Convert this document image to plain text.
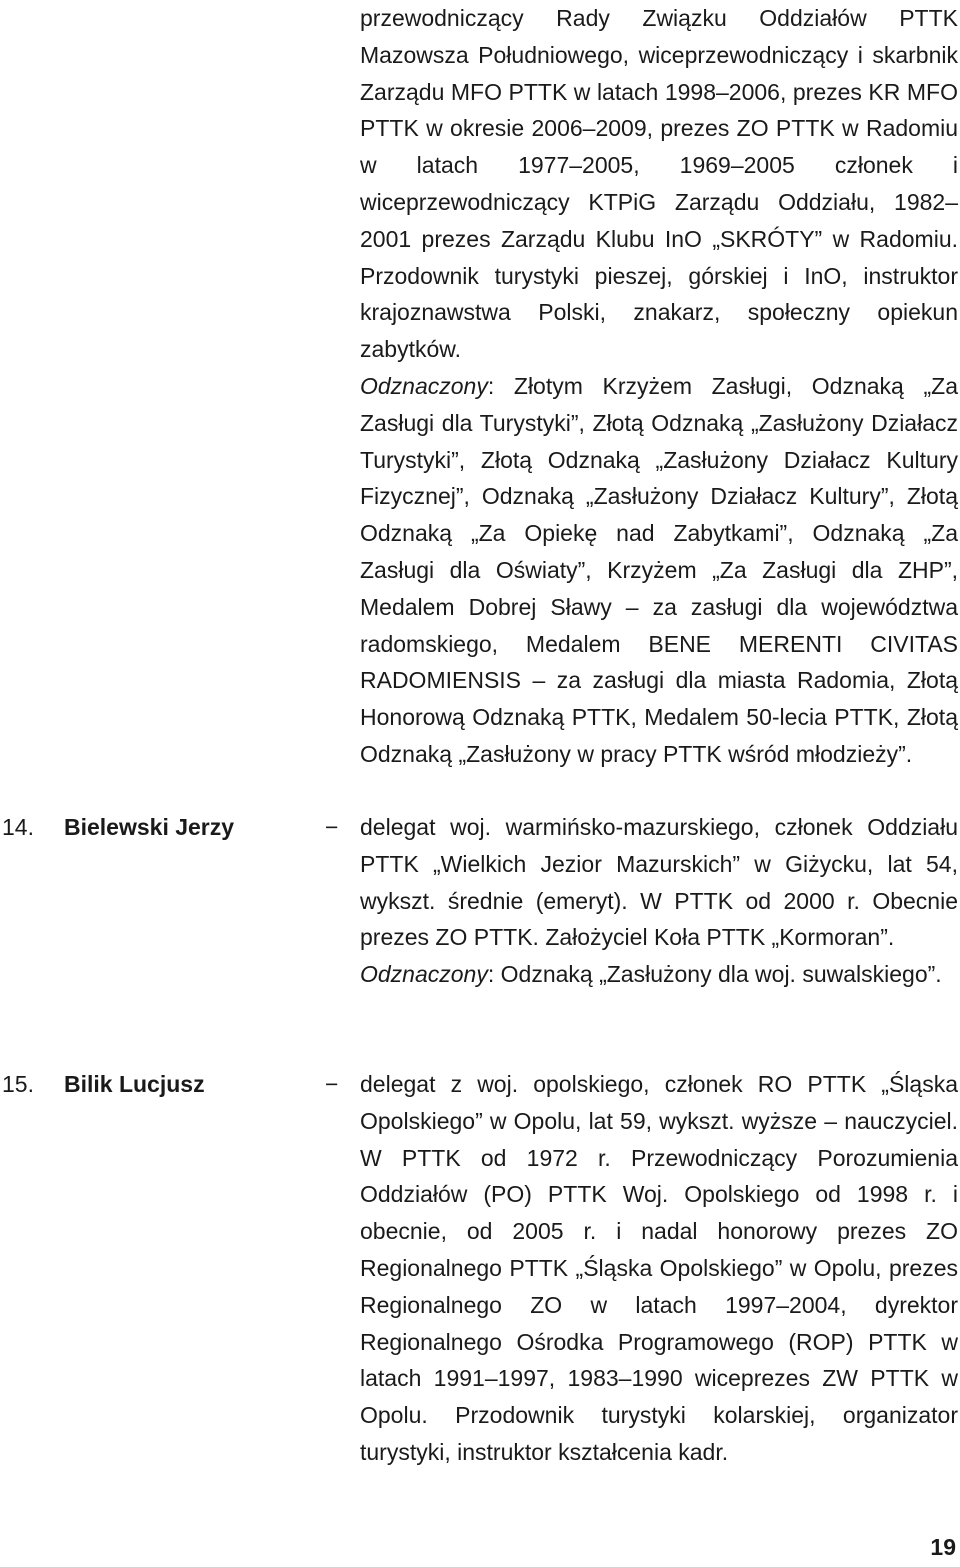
przewodniczący Rady Związku Oddziałów PTTK Mazowsza Południowego, wiceprzewodniczący i skarbnik Zarządu MFO PTTK w latach 1998–2006, prezes KR MFO PTTK w okresie 2006–2009, prezes ZO PTTK w Radomiu w latach 1977–2005, 1969–2005 członek i wiceprzewodniczący KTPiG Zarządu Oddziału, 1982–2001 prezes Zarządu Klubu InO „SKRÓTY” w Radomiu. Przodownik turystyki pieszej, górskiej i InO, instruktor krajoznawstwa Polski, znakarz, społeczny opiekun zabytków.

Odznaczony: Złotym Krzyżem Zasługi, Odznaką „Za Zasługi dla Turystyki”, Złotą Odznaką „Zasłużony Działacz Turystyki”, Złotą Odznaką „Zasłużony Działacz Kultury Fizycznej”, Odznaką „Zasłużony Działacz Kultury”, Złotą Odznaką „Za Opiekę nad Zabytkami”, Odznaką „Za Zasługi dla Oświaty”, Krzyżem „Za Zasługi dla ZHP”, Medalem Dobrej Sławy – za zasługi dla województwa radomskiego, Medalem BENE MERENTI CIVITAS RADOMIENSIS – za zasługi dla miasta Radomia, Złotą Honorową Odznaką PTTK, Medalem 50-lecia PTTK, Złotą Odznaką „Zasłużony w pracy PTTK wśród młodzieży”.

14. Bielewski Jerzy	− delegat woj. warmińsko-mazurskiego, członek Oddziału PTTK „Wielkich Jezior Mazurskich” w Giżycku, lat 54, wykszt. średnie (emeryt). W PTTK od 2000 r. Obecnie prezes ZO PTTK. Założyciel Koła PTTK „Kormoran”.

Odznaczony: Odznaką „Zasłużony dla woj. suwalskiego”.

15. Bilik Lucjusz	− delegat z woj. opolskiego, członek RO PTTK „Śląska Opolskiego” w Opolu, lat 59, wykszt. wyższe – nauczyciel. W PTTK od 1972 r. Przewodniczący Porozumienia Oddziałów (PO) PTTK Woj. Opolskiego od 1998 r. i obecnie, od 2005 r. i nadal honorowy prezes ZO Regionalnego PTTK „Śląska Opolskiego” w Opolu, prezes Regionalnego ZO w latach 1997–2004, dyrektor Regionalnego Ośrodka Programowego (ROP) PTTK w latach 1991–1997, 1983–1990 wiceprezes ZW PTTK w Opolu. Przodownik turystyki kolarskiej, organizator turystyki, instruktor kształcenia kadr.

19
